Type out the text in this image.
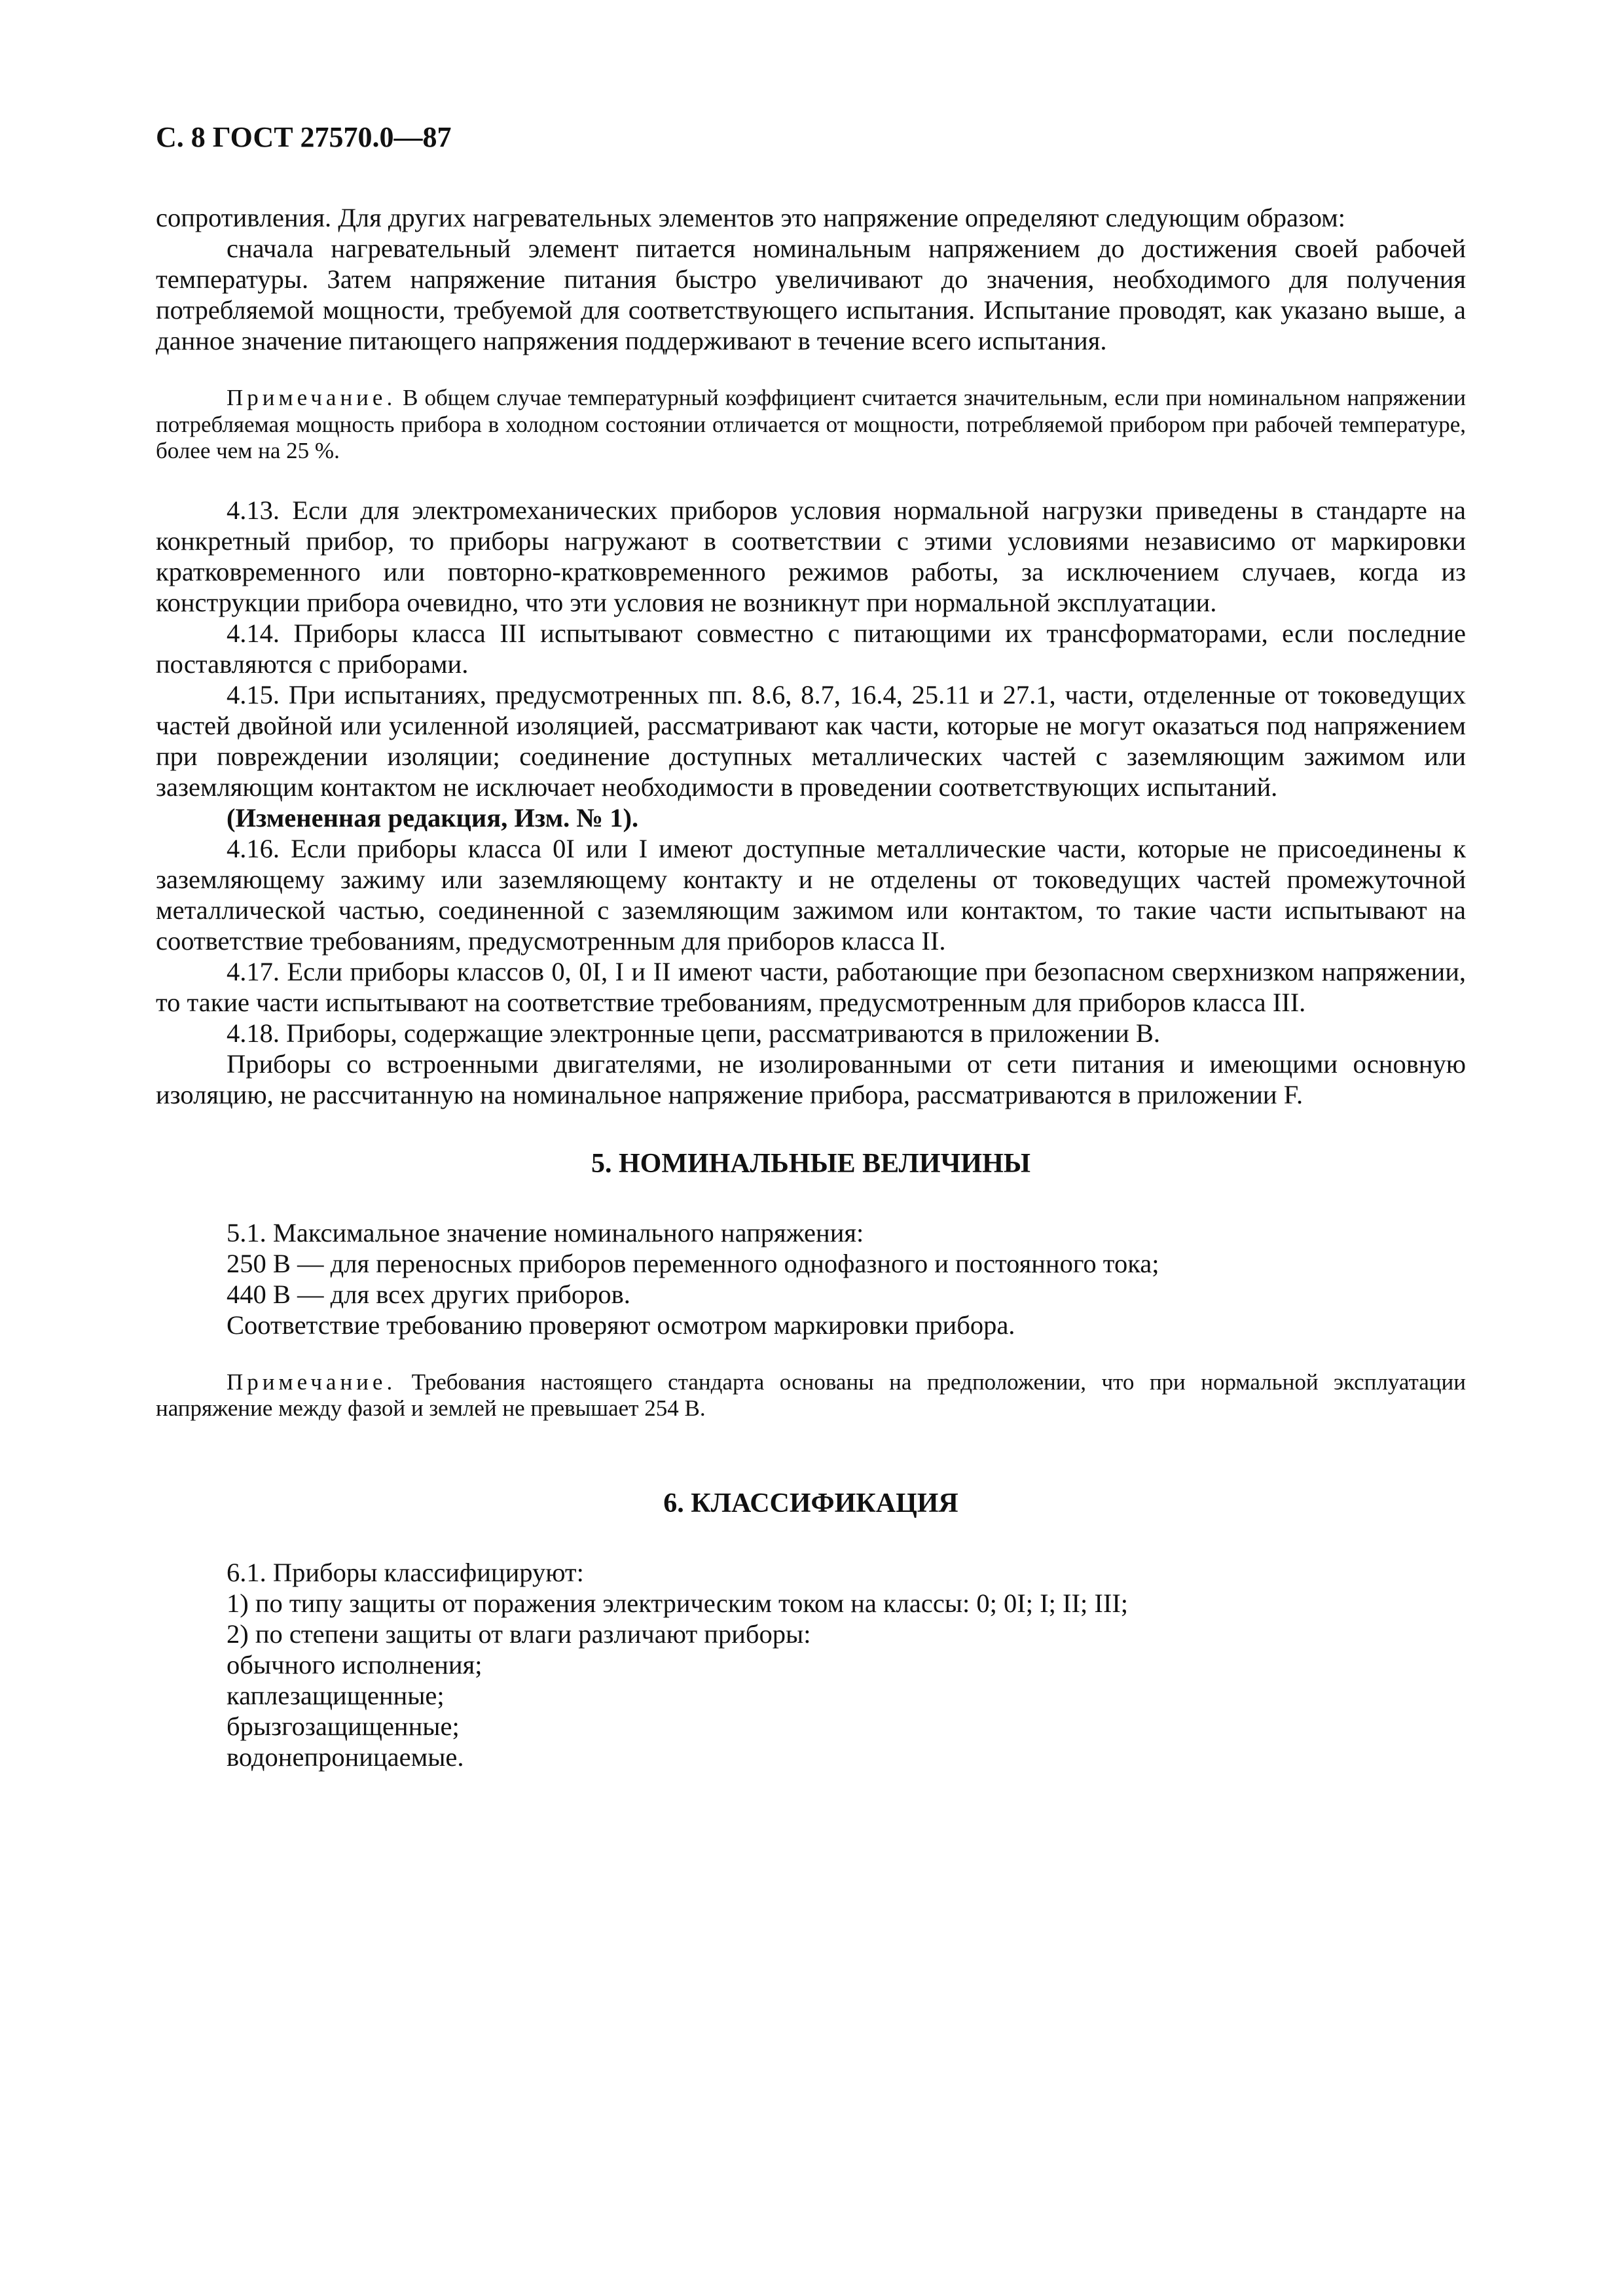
С. 8 ГОСТ 27570.0—87

сопротивления. Для других нагревательных элементов это напряжение определяют следующим образом:

сначала нагревательный элемент питается номинальным напряжением до достижения своей рабочей температуры. Затем напряжение питания быстро увеличивают до значения, необходимого для получения потребляемой мощности, требуемой для соответствующего испытания. Испытание проводят, как указано выше, а данное значение питающего напряжения поддерживают в течение всего испытания.

Примечание. В общем случае температурный коэффициент считается значительным, если при номинальном напряжении потребляемая мощность прибора в холодном состоянии отличается от мощности, потребляемой прибором при рабочей температуре, более чем на 25 %.

4.13. Если для электромеханических приборов условия нормальной нагрузки приведены в стандарте на конкретный прибор, то приборы нагружают в соответствии с этими условиями независимо от маркировки кратковременного или повторно-кратковременного режимов работы, за исключением случаев, когда из конструкции прибора очевидно, что эти условия не возникнут при нормальной эксплуатации.

4.14. Приборы класса III испытывают совместно с питающими их трансформаторами, если последние поставляются с приборами.

4.15. При испытаниях, предусмотренных пп. 8.6, 8.7, 16.4, 25.11 и 27.1, части, отделенные от токоведущих частей двойной или усиленной изоляцией, рассматривают как части, которые не могут оказаться под напряжением при повреждении изоляции; соединение доступных металлических частей с заземляющим зажимом или заземляющим контактом не исключает необходимости в проведении соответствующих испытаний.

(Измененная редакция, Изм. № 1).

4.16. Если приборы класса 0I или I имеют доступные металлические части, которые не присоединены к заземляющему зажиму или заземляющему контакту и не отделены от токоведущих частей промежуточной металлической частью, соединенной с заземляющим зажимом или контактом, то такие части испытывают на соответствие требованиям, предусмотренным для приборов класса II.

4.17. Если приборы классов 0, 0I, I и II имеют части, работающие при безопасном сверхнизком напряжении, то такие части испытывают на соответствие требованиям, предусмотренным для приборов класса III.

4.18. Приборы, содержащие электронные цепи, рассматриваются в приложении В.

Приборы со встроенными двигателями, не изолированными от сети питания и имеющими основную изоляцию, не рассчитанную на номинальное напряжение прибора, рассматриваются в приложении F.

5. НОМИНАЛЬНЫЕ ВЕЛИЧИНЫ

5.1. Максимальное значение номинального напряжения:

250 В — для переносных приборов переменного однофазного и постоянного тока;

440 В — для всех других приборов.

Соответствие требованию проверяют осмотром маркировки прибора.

Примечание. Требования настоящего стандарта основаны на предположении, что при нормальной эксплуатации напряжение между фазой и землей не превышает 254 В.

6. КЛАССИФИКАЦИЯ

6.1. Приборы классифицируют:

1) по типу защиты от поражения электрическим током на классы: 0; 0I; I; II; III;

2) по степени защиты от влаги различают приборы:

обычного исполнения;

каплезащищенные;

брызгозащищенные;

водонепроницаемые.
